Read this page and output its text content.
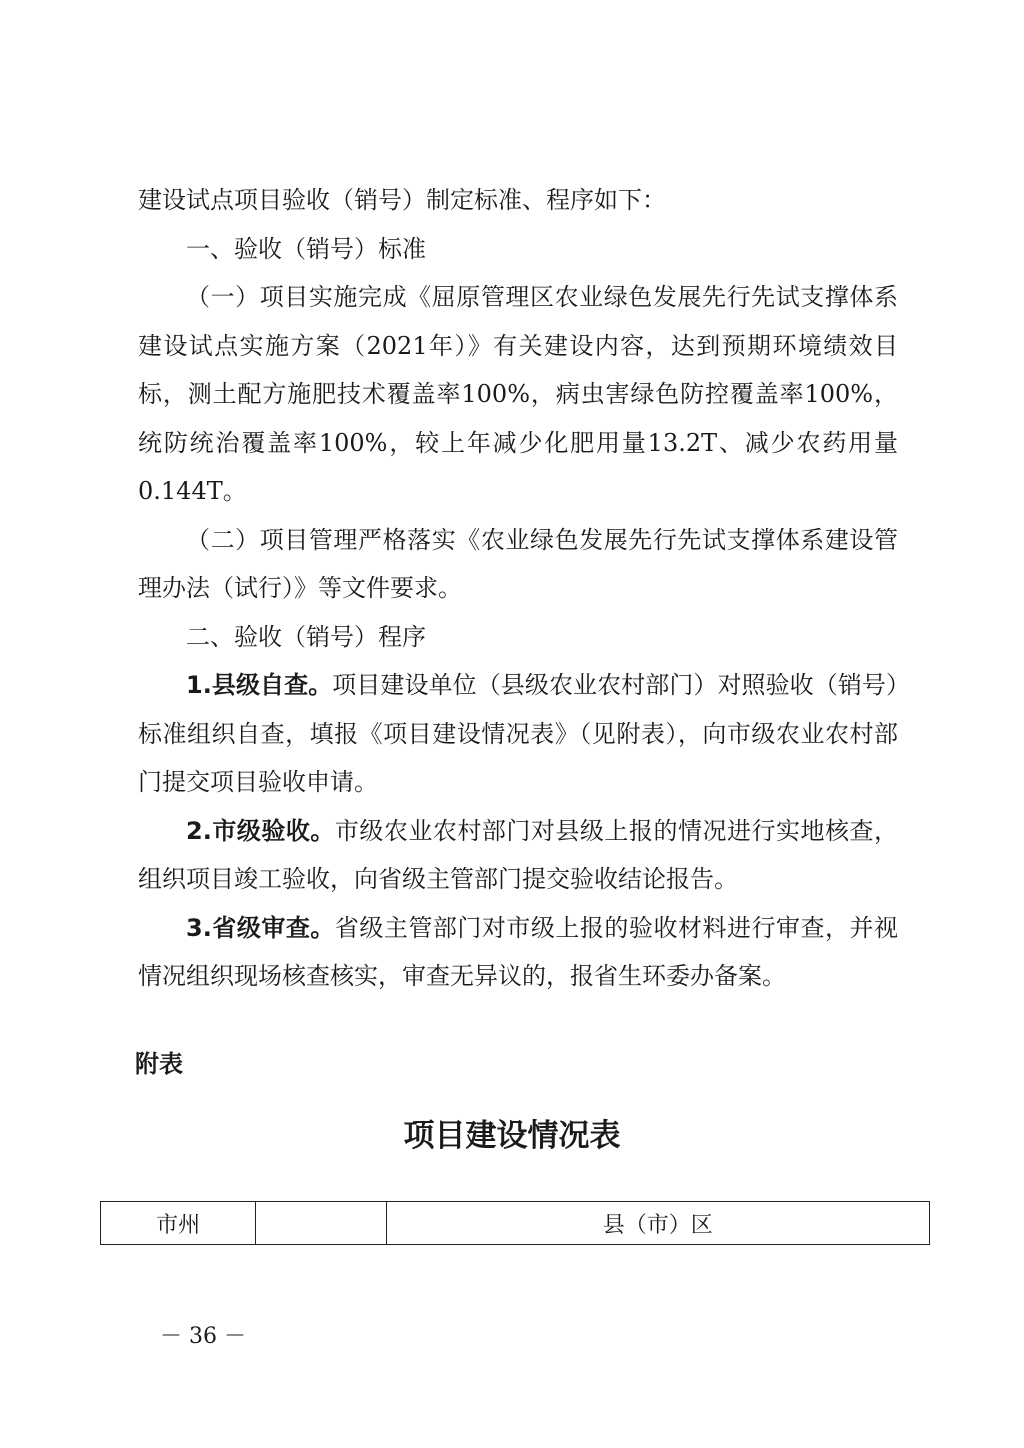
建设试点项目验收（销号）制定标准、程序如下：

一、验收（销号）标准

（一）项目实施完成《屈原管理区农业绿色发展先行先试支撑体系建设试点实施方案（2021年）》有关建设内容，达到预期环境绩效目标，测土配方施肥技术覆盖率100%，病虫害绿色防控覆盖率100%，统防统治覆盖率100%，较上年减少化肥用量13.2T、减少农药用量0.144T。

（二）项目管理严格落实《农业绿色发展先行先试支撑体系建设管理办法（试行）》等文件要求。

二、验收（销号）程序

1.县级自查。项目建设单位（县级农业农村部门）对照验收（销号）标准组织自查，填报《项目建设情况表》（见附表），向市级农业农村部门提交项目验收申请。

2.市级验收。市级农业农村部门对县级上报的情况进行实地核查，组织项目竣工验收，向省级主管部门提交验收结论报告。

3.省级审查。省级主管部门对市级上报的验收材料进行审查，并视情况组织现场核查核实，审查无异议的，报省生环委办备案。

附表

项目建设情况表

市州		县（市）区

－ 36 －
